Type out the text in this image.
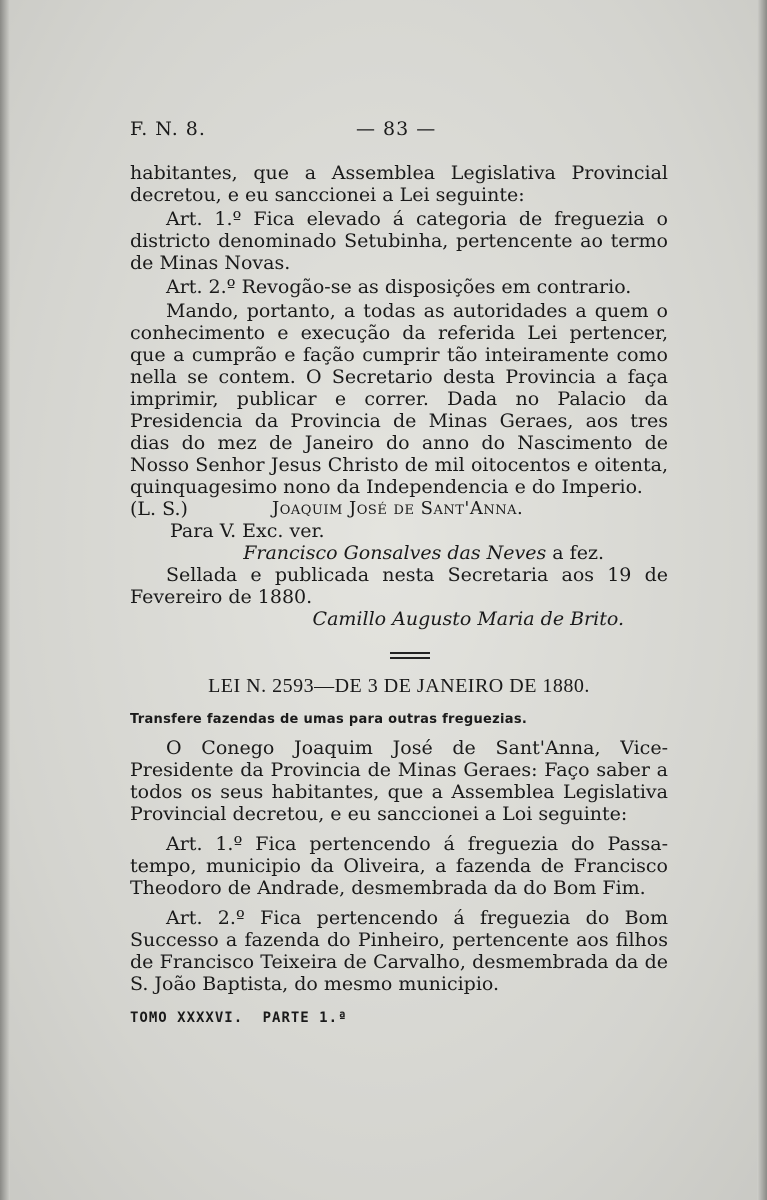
F. N. 8.	— 83 —

habitantes, que a Assemblea Legislativa Provincial decretou, e eu sanccionei a Lei seguinte:

Art. 1.º Fica elevado á categoria de freguezia o districto denominado Setubinha, pertencente ao termo de Minas Novas.

Art. 2.º Revogão-se as disposições em contrario.

Mando, portanto, a todas as autoridades a quem o conhecimento e execução da referida Lei pertencer, que a cumprão e fação cumprir tão inteiramente como nella se contem. O Secretario desta Provincia a faça imprimir, publicar e correr. Dada no Palacio da Presidencia da Provincia de Minas Geraes, aos tres dias do mez de Janeiro do anno do Nascimento de Nosso Senhor Jesus Christo de mil oitocentos e oitenta, quinquagesimo nono da Independencia e do Imperio.

(L. S.)	Joaquim José de Sant'Anna.

Para V. Exc. ver.

Francisco Gonsalves das Neves a fez.

Sellada e publicada nesta Secretaria aos 19 de Fevereiro de 1880.

Camillo Augusto Maria de Brito.

LEI N. 2593—DE 3 DE JANEIRO DE 1880.

Transfere fazendas de umas para outras freguezias.

O Conego Joaquim José de Sant'Anna, Vice-Presidente da Provincia de Minas Geraes: Faço saber a todos os seus habitantes, que a Assemblea Legislativa Provincial decretou, e eu sanccionei a Loi seguinte:

Art. 1.º Fica pertencendo á freguezia do Passa-tempo, municipio da Oliveira, a fazenda de Francisco Theodoro de Andrade, desmembrada da do Bom Fim.

Art. 2.º Fica pertencendo á freguezia do Bom Successo a fazenda do Pinheiro, pertencente aos filhos de Francisco Teixeira de Carvalho, desmembrada da de S. João Baptista, do mesmo municipio.

TOMO XXXXVI. PARTE 1.ª
